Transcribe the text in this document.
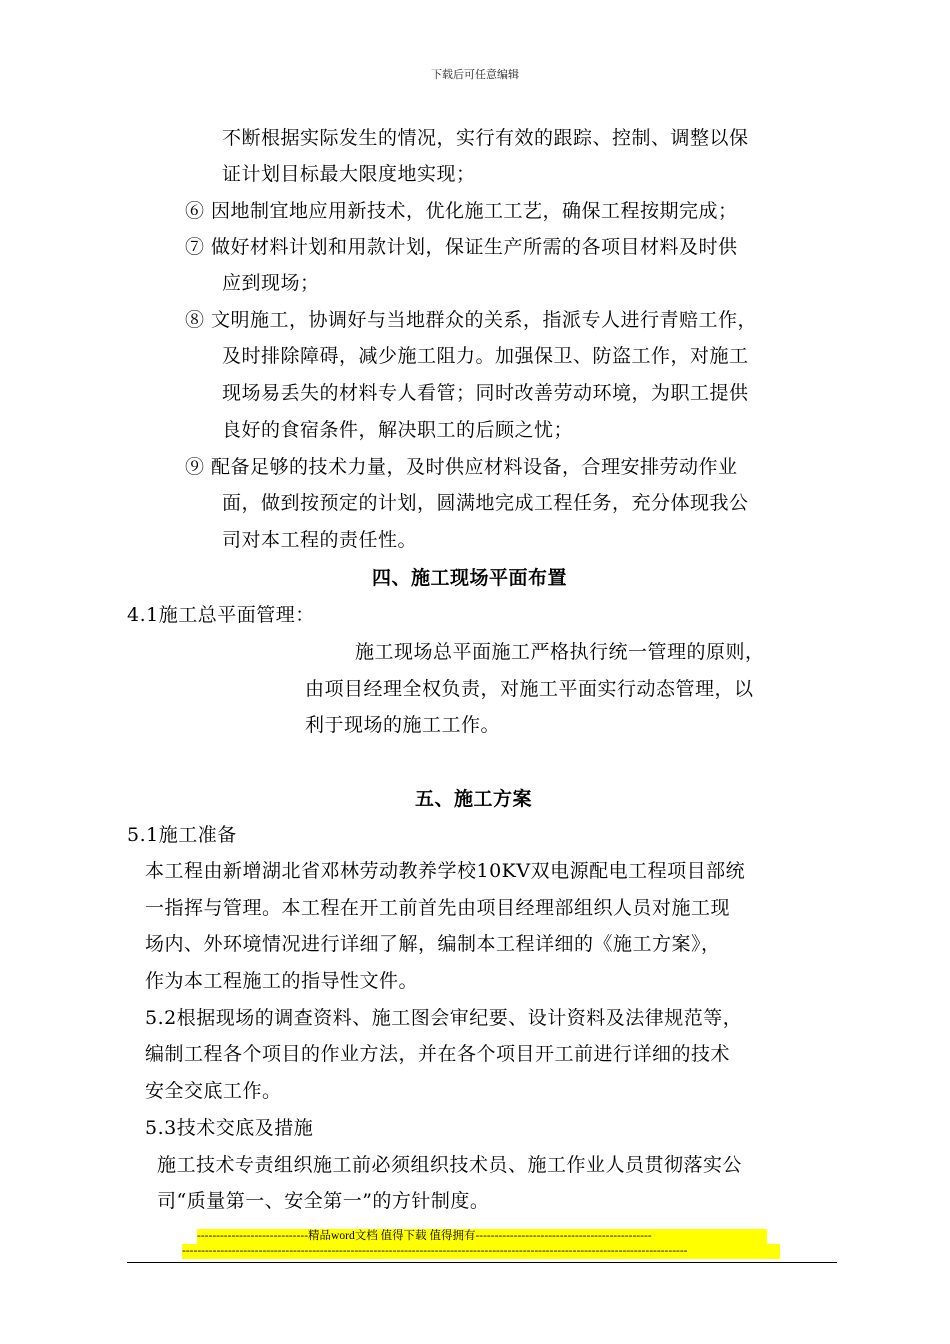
下载后可任意编辑
不断根据实际发生的情况，实行有效的跟踪、控制、调整以保
证计划目标最大限度地实现；
⑥ 因地制宜地应用新技术，优化施工工艺，确保工程按期完成；
⑦ 做好材料计划和用款计划，保证生产所需的各项目材料及时供
应到现场；
⑧ 文明施工，协调好与当地群众的关系，指派专人进行青赔工作，
及时排除障碍，减少施工阻力。加强保卫、防盗工作，对施工
现场易丢失的材料专人看管；同时改善劳动环境，为职工提供
良好的食宿条件，解决职工的后顾之忧；
⑨ 配备足够的技术力量，及时供应材料设备，合理安排劳动作业
面，做到按预定的计划，圆满地完成工程任务，充分体现我公
司对本工程的责任性。
四、施工现场平面布置
4.1施工总平面管理：
施工现场总平面施工严格执行统一管理的原则，
由项目经理全权负责，对施工平面实行动态管理，以
利于现场的施工工作。
五、施工方案
5.1施工准备
本工程由新增湖北省邓林劳动教养学校10KV双电源配电工程项目部统
一指挥与管理。本工程在开工前首先由项目经理部组织人员对施工现
场内、外环境情况进行详细了解，编制本工程详细的《施工方案》，
作为本工程施工的指导性文件。
5.2根据现场的调查资料、施工图会审纪要、设计资料及法律规范等，
编制工程各个项目的作业方法，并在各个项目开工前进行详细的技术
安全交底工作。
5.3技术交底及措施
施工技术专责组织施工前必须组织技术员、施工作业人员贯彻落实公
司“质量第一、安全第一”的方针制度。
-----------------------------精品word文档 值得下载 值得拥有----------------------------------------------
------------------------------------------------------------------------------------------------------------------------------------
